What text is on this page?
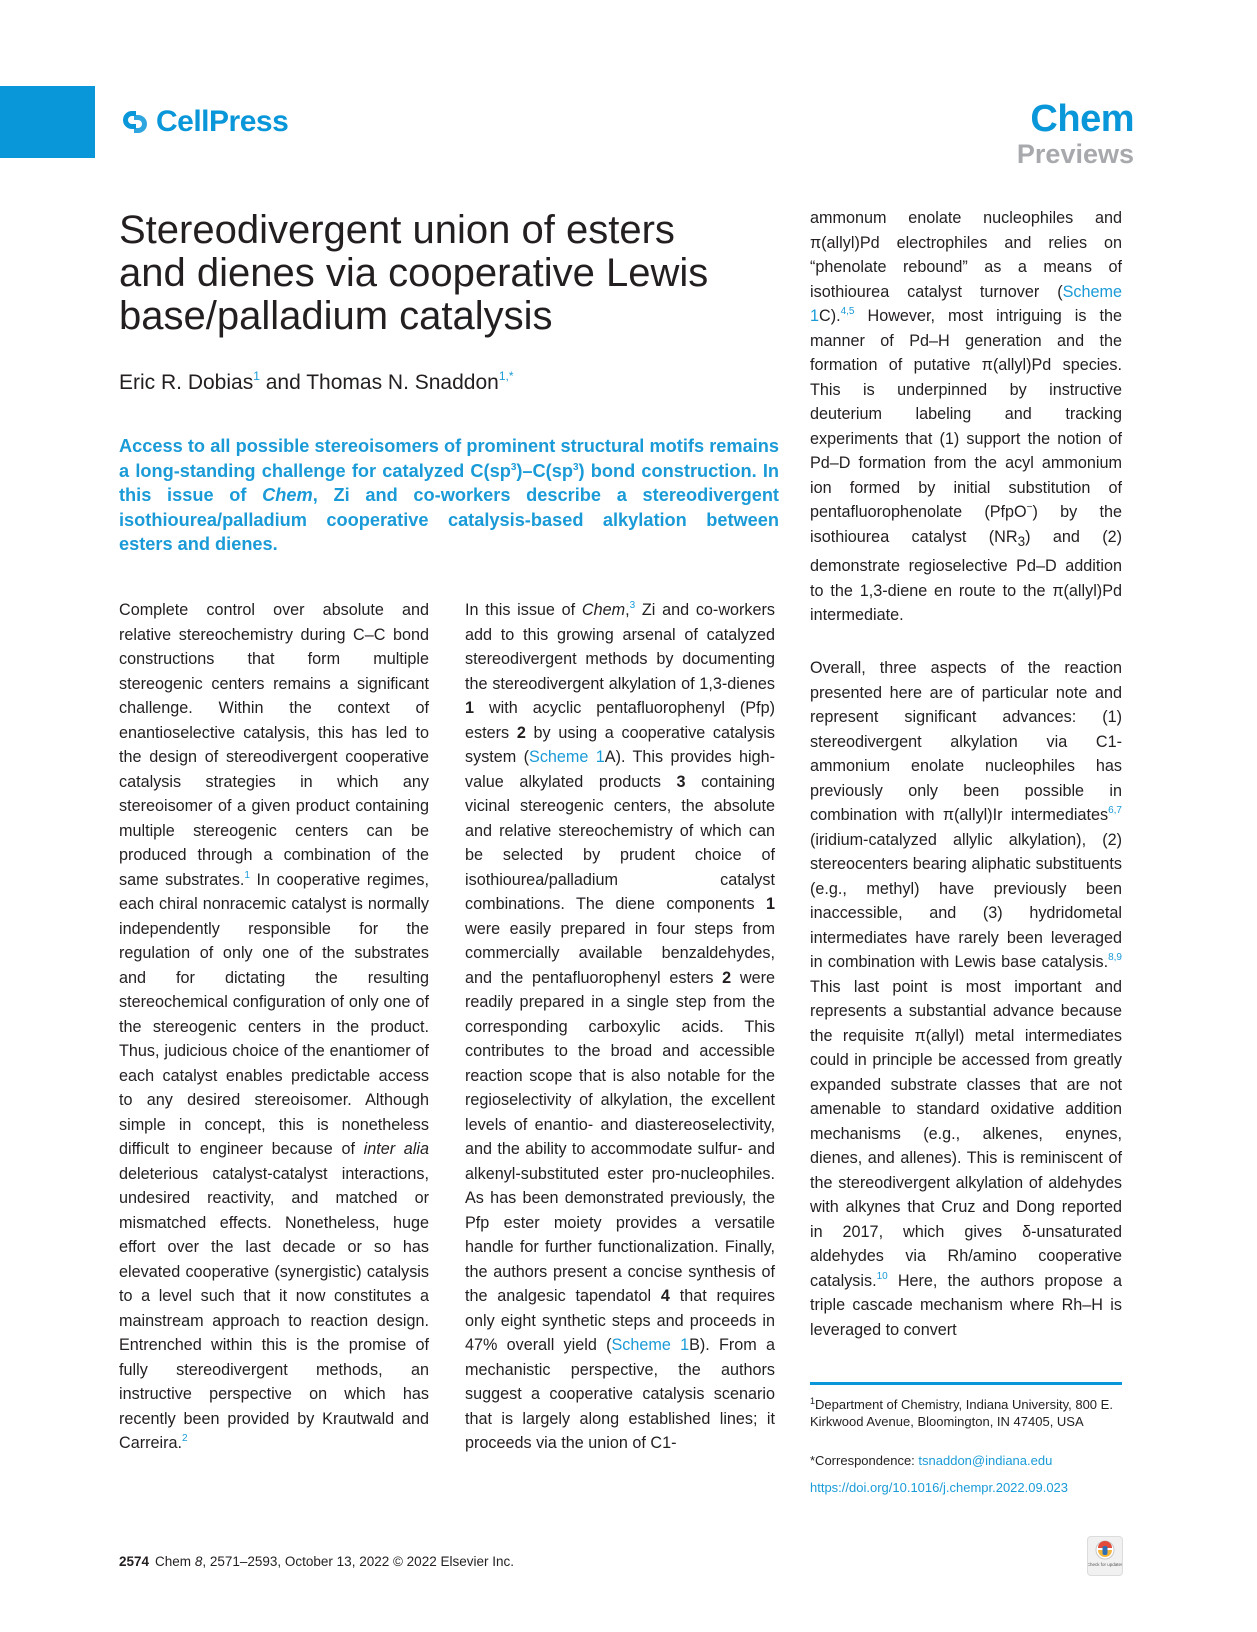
CellPress	Chem
Previews
Stereodivergent union of esters and dienes via cooperative Lewis base/palladium catalysis
Eric R. Dobias$^1$ and Thomas N. Snaddon$^{1,*}$

Access to all possible stereoisomers of prominent structural motifs remains a long-standing challenge for catalyzed $C(sp^3)-C(sp^3)$ bond construction. In this issue of Chem, Zi and co-workers describe a stereodivergent isothiourea/palladium cooperative catalysis-based alkylation between esters and dienes.

Complete control over absolute and relative stereochemistry during C–C bond constructions that form multiple stereogenic centers remains a significant challenge. Within the context of enantioselective catalysis, this has led to the design of stereodivergent cooperative catalysis strategies in which any stereoisomer of a given product containing multiple stereogenic centers can be produced through a combination of the same substrates.$^1$ In cooperative regimes, each chiral nonracemic catalyst is normally independently responsible for the regulation of only one of the substrates and for dictating the resulting stereochemical configuration of only one of the stereogenic centers in the product. Thus, judicious choice of the enantiomer of each catalyst enables predictable access to any desired stereoisomer. Although simple in concept, this is nonetheless difficult to engineer because of inter alia deleterious catalyst-catalyst interactions, undesired reactivity, and matched or mismatched effects. Nonetheless, huge effort over the last decade or so has elevated cooperative (synergistic) catalysis to a level such that it now constitutes a mainstream approach to reaction design. Entrenched within this is the promise of fully stereodivergent methods, an instructive perspective on which has recently been provided by Krautwald and Carreira.$^2$

In this issue of Chem,$^3$ Zi and co-workers add to this growing arsenal of catalyzed stereodivergent methods by documenting the stereodivergent alkylation of 1,3-dienes 1 with acyclic pentafluorophenyl (Pfp) esters 2 by using a cooperative catalysis system (Scheme 1A). This provides high-value alkylated products 3 containing vicinal stereogenic centers, the absolute and relative stereochemistry of which can be selected by prudent choice of isothiourea/palladium catalyst combinations. The diene components 1 were easily prepared in four steps from commercially available benzaldehydes, and the pentafluorophenyl esters 2 were readily prepared in a single step from the corresponding carboxylic acids. This contributes to the broad and accessible reaction scope that is also notable for the regioselectivity of alkylation, the excellent levels of enantio- and diastereoselectivity, and the ability to accommodate sulfur- and alkenyl-substituted ester pro-nucleophiles. As has been demonstrated previously, the Pfp ester moiety provides a versatile handle for further functionalization. Finally, the authors present a concise synthesis of the analgesic tapendatol 4 that requires only eight synthetic steps and proceeds in 47% overall yield (Scheme 1B). From a mechanistic perspective, the authors suggest a cooperative catalysis scenario that is largely along established lines; it proceeds via the union of C1-

ammonum enolate nucleophiles and π(allyl)Pd electrophiles and relies on “phenolate rebound” as a means of isothiourea catalyst turnover (Scheme 1C).$^{4,5}$ However, most intriguing is the manner of Pd–H generation and the formation of putative π(allyl)Pd species. This is underpinned by instructive deuterium labeling and tracking experiments that (1) support the notion of Pd–D formation from the acyl ammonium ion formed by initial substitution of pentafluorophenolate (PfpO−) by the isothiourea catalyst $(NR_3)$ and (2) demonstrate regioselective Pd–D addition to the 1,3-diene en route to the π(allyl)Pd intermediate.

Overall, three aspects of the reaction presented here are of particular note and represent significant advances: (1) stereodivergent alkylation via C1-ammonium enolate nucleophiles has previously only been possible in combination with π(allyl)Ir intermediates$^{6,7}$ (iridium-catalyzed allylic alkylation), (2) stereocenters bearing aliphatic substituents (e.g., methyl) have previously been inaccessible, and (3) hydridometal intermediates have rarely been leveraged in combination with Lewis base catalysis.$^{8,9}$ This last point is most important and represents a substantial advance because the requisite π(allyl) metal intermediates could in principle be accessed from greatly expanded substrate classes that are not amenable to standard oxidative addition mechanisms (e.g., alkenes, enynes, dienes, and allenes). This is reminiscent of the stereodivergent alkylation of aldehydes with alkynes that Cruz and Dong reported in 2017, which gives δ-unsaturated aldehydes via Rh/amino cooperative catalysis.$^{10}$ Here, the authors propose a triple cascade mechanism where Rh–H is leveraged to convert

$^1$Department of Chemistry, Indiana University, 800 E. Kirkwood Avenue, Bloomington, IN 47405, USA

*Correspondence: tsnaddon@indiana.edu

https://doi.org/10.1016/j.chempr.2022.09.023

2574 Chem 8, 2571–2593, October 13, 2022 © 2022 Elsevier Inc.	Check for updates
